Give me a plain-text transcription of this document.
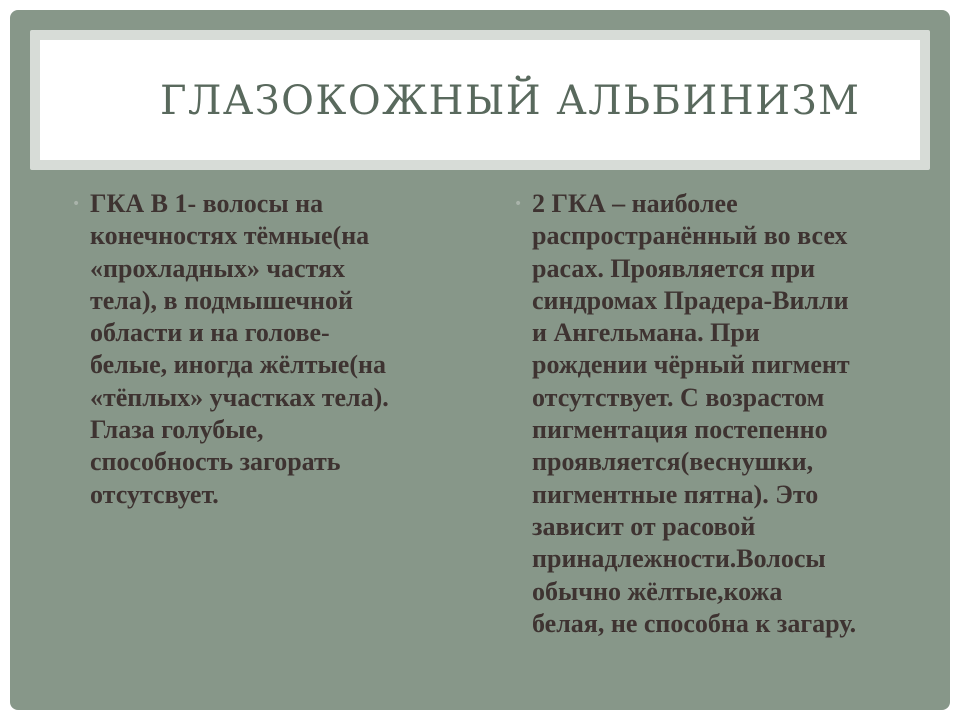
ГЛАЗОКОЖНЫЙ АЛЬБИНИЗМ
• ГКА В 1- волосы на
конечностях тёмные(на
«прохладных» частях
тела), в подмышечной
области и на голове-
белые, иногда жёлтые(на
«тёплых» участках тела).
Глаза голубые,
способность загорать
отсутсвует.
• 2 ГКА – наиболее
распространённый во всех
расах. Проявляется при
синдромах Прадера-Вилли
и Ангельмана. При
рождении чёрный пигмент
отсутствует. С возрастом
пигментация постепенно
проявляется(веснушки,
пигментные пятна). Это
зависит от расовой
принадлежности.Волосы
обычно жёлтые,кожа
белая, не способна к загару.
